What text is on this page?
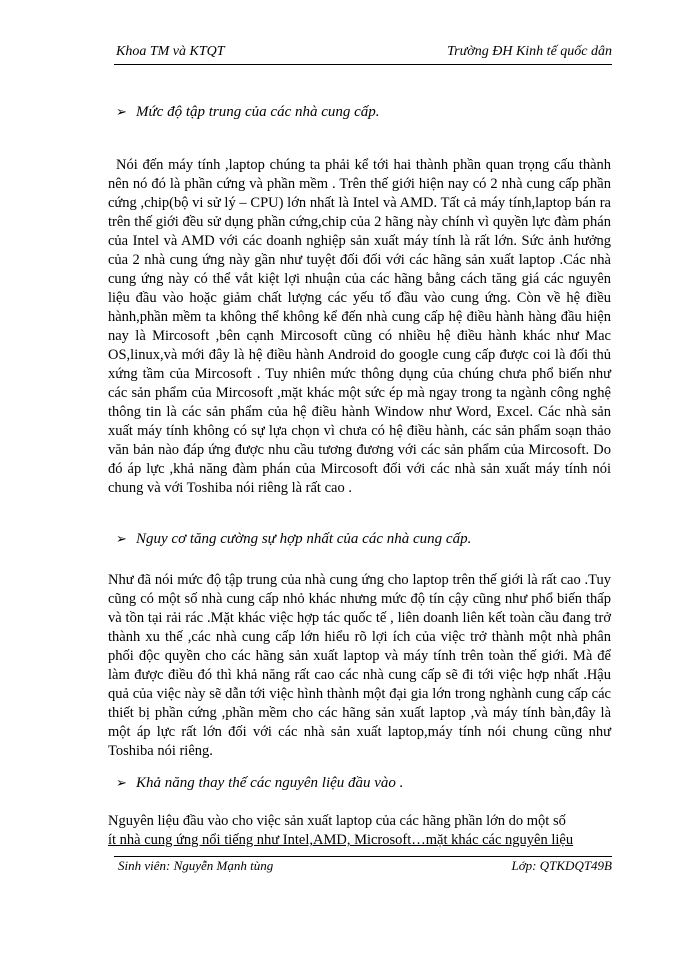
Khoa TM và KTQT	Trường ĐH Kinh tế quốc dân
➢ Mức độ tập trung của các nhà cung cấp.
Nói đến máy tính ,laptop chúng ta phải kể tới hai thành phần quan trọng cấu thành nên nó đó là phần cứng và phần mềm . Trên thế giới hiện nay có 2 nhà cung cấp phần cứng ,chip(bộ vi sử lý – CPU) lớn nhất là Intel và AMD. Tất cả máy tính,laptop bán ra trên thế giới đều sử dụng phần cứng,chip của 2 hãng này chính vì quyền lực đàm phán của Intel và AMD với các doanh nghiệp sản xuất máy tính là rất lớn. Sức ảnh hưởng của 2 nhà cung ứng này gần như tuyệt đối đối với các hãng sản xuất laptop .Các nhà cung ứng này có thể vắt kiệt lợi nhuận của các hãng bằng cách tăng giá các nguyên liệu đầu vào hoặc giảm chất lượng các yếu tố đầu vào cung ứng. Còn về hệ điều hành,phần mềm ta không thể không kể đến nhà cung cấp hệ điều hành hàng đầu hiện nay là Mircosoft ,bên cạnh Mircosoft cũng có nhiều hệ điều hành khác như Mac OS,linux,và mới đây là hệ điều hành Android do google cung cấp được coi là đối thủ xứng tầm của Mircosoft . Tuy nhiên mức thông dụng của chúng chưa phổ biến như các sản phẩm của Mircosoft ,mặt khác một sức ép mà ngay trong ta ngành công nghệ thông tin là các sản phẩm của hệ điều hành Window như Word, Excel. Các nhà sản xuất máy tính không có sự lựa chọn vì chưa có hệ điều hành, các sản phẩm soạn thảo văn bản nào đáp ứng được nhu cầu tương đương với các sản phẩm của Mircosoft. Do đó áp lực ,khả năng đàm phán của Mircosoft đối với các nhà sản xuất máy tính nói chung và với Toshiba nói riêng là rất cao .
➢ Nguy cơ tăng cường sự hợp nhất của các nhà cung cấp.
Như đã nói mức độ tập trung của nhà cung ứng cho laptop trên thế giới là rất cao .Tuy cũng có một số nhà cung cấp nhỏ khác nhưng mức độ tín cậy cũng như phổ biến thấp và tồn tại rải rác .Mặt khác việc hợp tác quốc tế , liên doanh liên kết toàn cầu đang trở thành xu thế ,các nhà cung cấp lớn hiểu rõ lợi ích của việc trở thành một nhà phân phối độc quyền cho các hãng sản xuất laptop và máy tính trên toàn thế giới. Mà để làm được điều đó thì khả năng rất cao các nhà cung cấp sẽ đi tới việc hợp nhất .Hậu quả của việc này sẽ dẫn tới việc hình thành một đại gia lớn trong nghành cung cấp các thiết bị phần cứng ,phần mềm cho các hãng sản xuất laptop ,và máy tính bàn,đây là một áp lực rất lớn đối với các nhà sản xuất laptop,máy tính nói chung cũng như Toshiba nói riêng.
➢ Khả năng thay thế các nguyên liệu đầu vào .
Nguyên liệu đầu vào cho việc sản xuất laptop của các hãng phần lớn do một số
ít nhà cung ứng nổi tiếng như Intel,AMD, Microsoft…mặt khác các nguyên liệu
Sinh viên: Nguyễn Mạnh tùng	Lớp: QTKDQT49B
